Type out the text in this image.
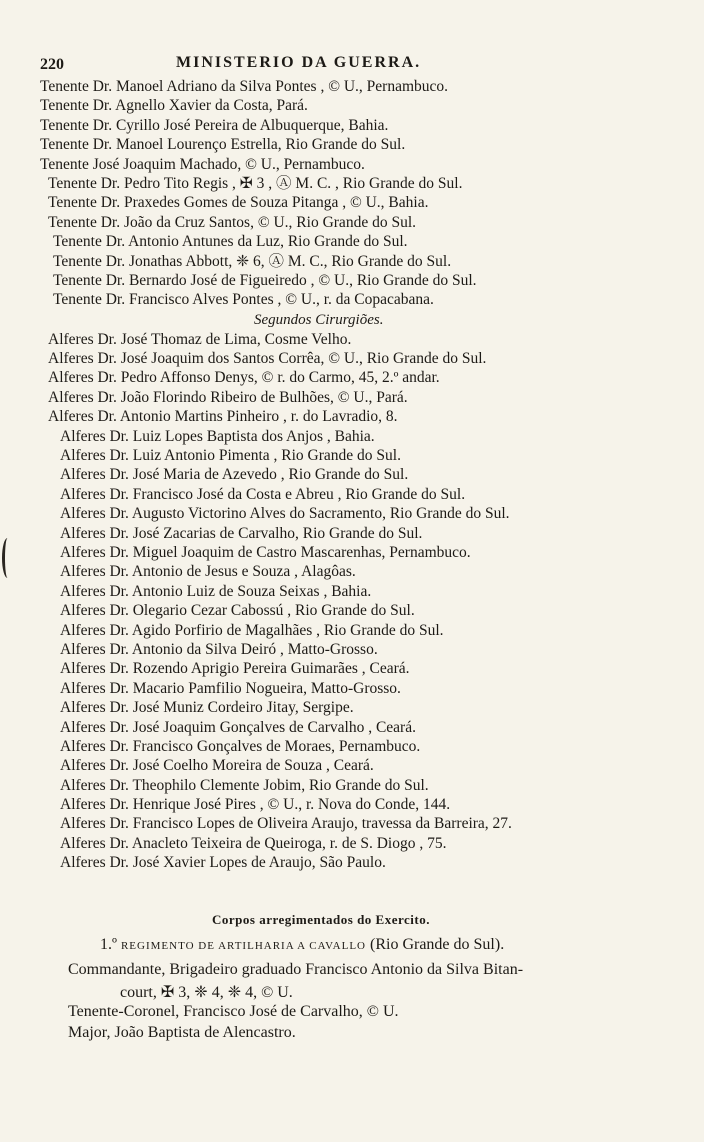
220	MINISTERIO DA GUERRA.
Tenente Dr. Manoel Adriano da Silva Pontes , © U., Pernambuco.
Tenente Dr. Agnello Xavier da Costa, Pará.
Tenente Dr. Cyrillo José Pereira de Albuquerque, Bahia.
Tenente Dr. Manoel Lourenço Estrella, Rio Grande do Sul.
Tenente José Joaquim Machado, © U., Pernambuco.
Tenente Dr. Pedro Tito Regis , ✠ 3 , Ⓐ M. C. , Rio Grande do Sul.
Tenente Dr. Praxedes Gomes de Souza Pitanga , © U., Bahia.
Tenente Dr. João da Cruz Santos, © U., Rio Grande do Sul.
Tenente Dr. Antonio Antunes da Luz, Rio Grande do Sul.
Tenente Dr. Jonathas Abbott, ❈ 6, Ⓐ M. C., Rio Grande do Sul.
Tenente Dr. Bernardo José de Figueiredo , © U., Rio Grande do Sul.
Tenente Dr. Francisco Alves Pontes , © U., r. da Copacabana.
Segundos Cirurgiões.
Alferes Dr. José Thomaz de Lima, Cosme Velho.
Alferes Dr. José Joaquim dos Santos Corrêa, © U., Rio Grande do Sul.
Alferes Dr. Pedro Affonso Denys, © r. do Carmo, 45, 2.º andar.
Alferes Dr. João Florindo Ribeiro de Bulhões, © U., Pará.
Alferes Dr. Antonio Martins Pinheiro , r. do Lavradio, 8.
Alferes Dr. Luiz Lopes Baptista dos Anjos , Bahia.
Alferes Dr. Luiz Antonio Pimenta , Rio Grande do Sul.
Alferes Dr. José Maria de Azevedo , Rio Grande do Sul.
Alferes Dr. Francisco José da Costa e Abreu , Rio Grande do Sul.
Alferes Dr. Augusto Victorino Alves do Sacramento, Rio Grande do Sul.
Alferes Dr. José Zacarias de Carvalho, Rio Grande do Sul.
Alferes Dr. Miguel Joaquim de Castro Mascarenhas, Pernambuco.
Alferes Dr. Antonio de Jesus e Souza , Alagôas.
Alferes Dr. Antonio Luiz de Souza Seixas , Bahia.
Alferes Dr. Olegario Cezar Cabossú , Rio Grande do Sul.
Alferes Dr. Agido Porfirio de Magalhães , Rio Grande do Sul.
Alferes Dr. Antonio da Silva Deiró , Matto-Grosso.
Alferes Dr. Rozendo Aprigio Pereira Guimarães , Ceará.
Alferes Dr. Macario Pamfilio Nogueira, Matto-Grosso.
Alferes Dr. José Muniz Cordeiro Jitay, Sergipe.
Alferes Dr. José Joaquim Gonçalves de Carvalho , Ceará.
Alferes Dr. Francisco Gonçalves de Moraes, Pernambuco.
Alferes Dr. José Coelho Moreira de Souza , Ceará.
Alferes Dr. Theophilo Clemente Jobim, Rio Grande do Sul.
Alferes Dr. Henrique José Pires , © U., r. Nova do Conde, 144.
Alferes Dr. Francisco Lopes de Oliveira Araujo, travessa da Barreira, 27.
Alferes Dr. Anacleto Teixeira de Queiroga, r. de S. Diogo , 75.
Alferes Dr. José Xavier Lopes de Araujo, São Paulo.
Corpos arregimentados do Exercito.
1.º REGIMENTO DE ARTILHARIA A CAVALLO (Rio Grande do Sul).
Commandante, Brigadeiro graduado Francisco Antonio da Silva Bitan-
court, ✠ 3, ❈ 4, ❈ 4, © U.
Tenente-Coronel, Francisco José de Carvalho, © U.
Major, João Baptista de Alencastro.
